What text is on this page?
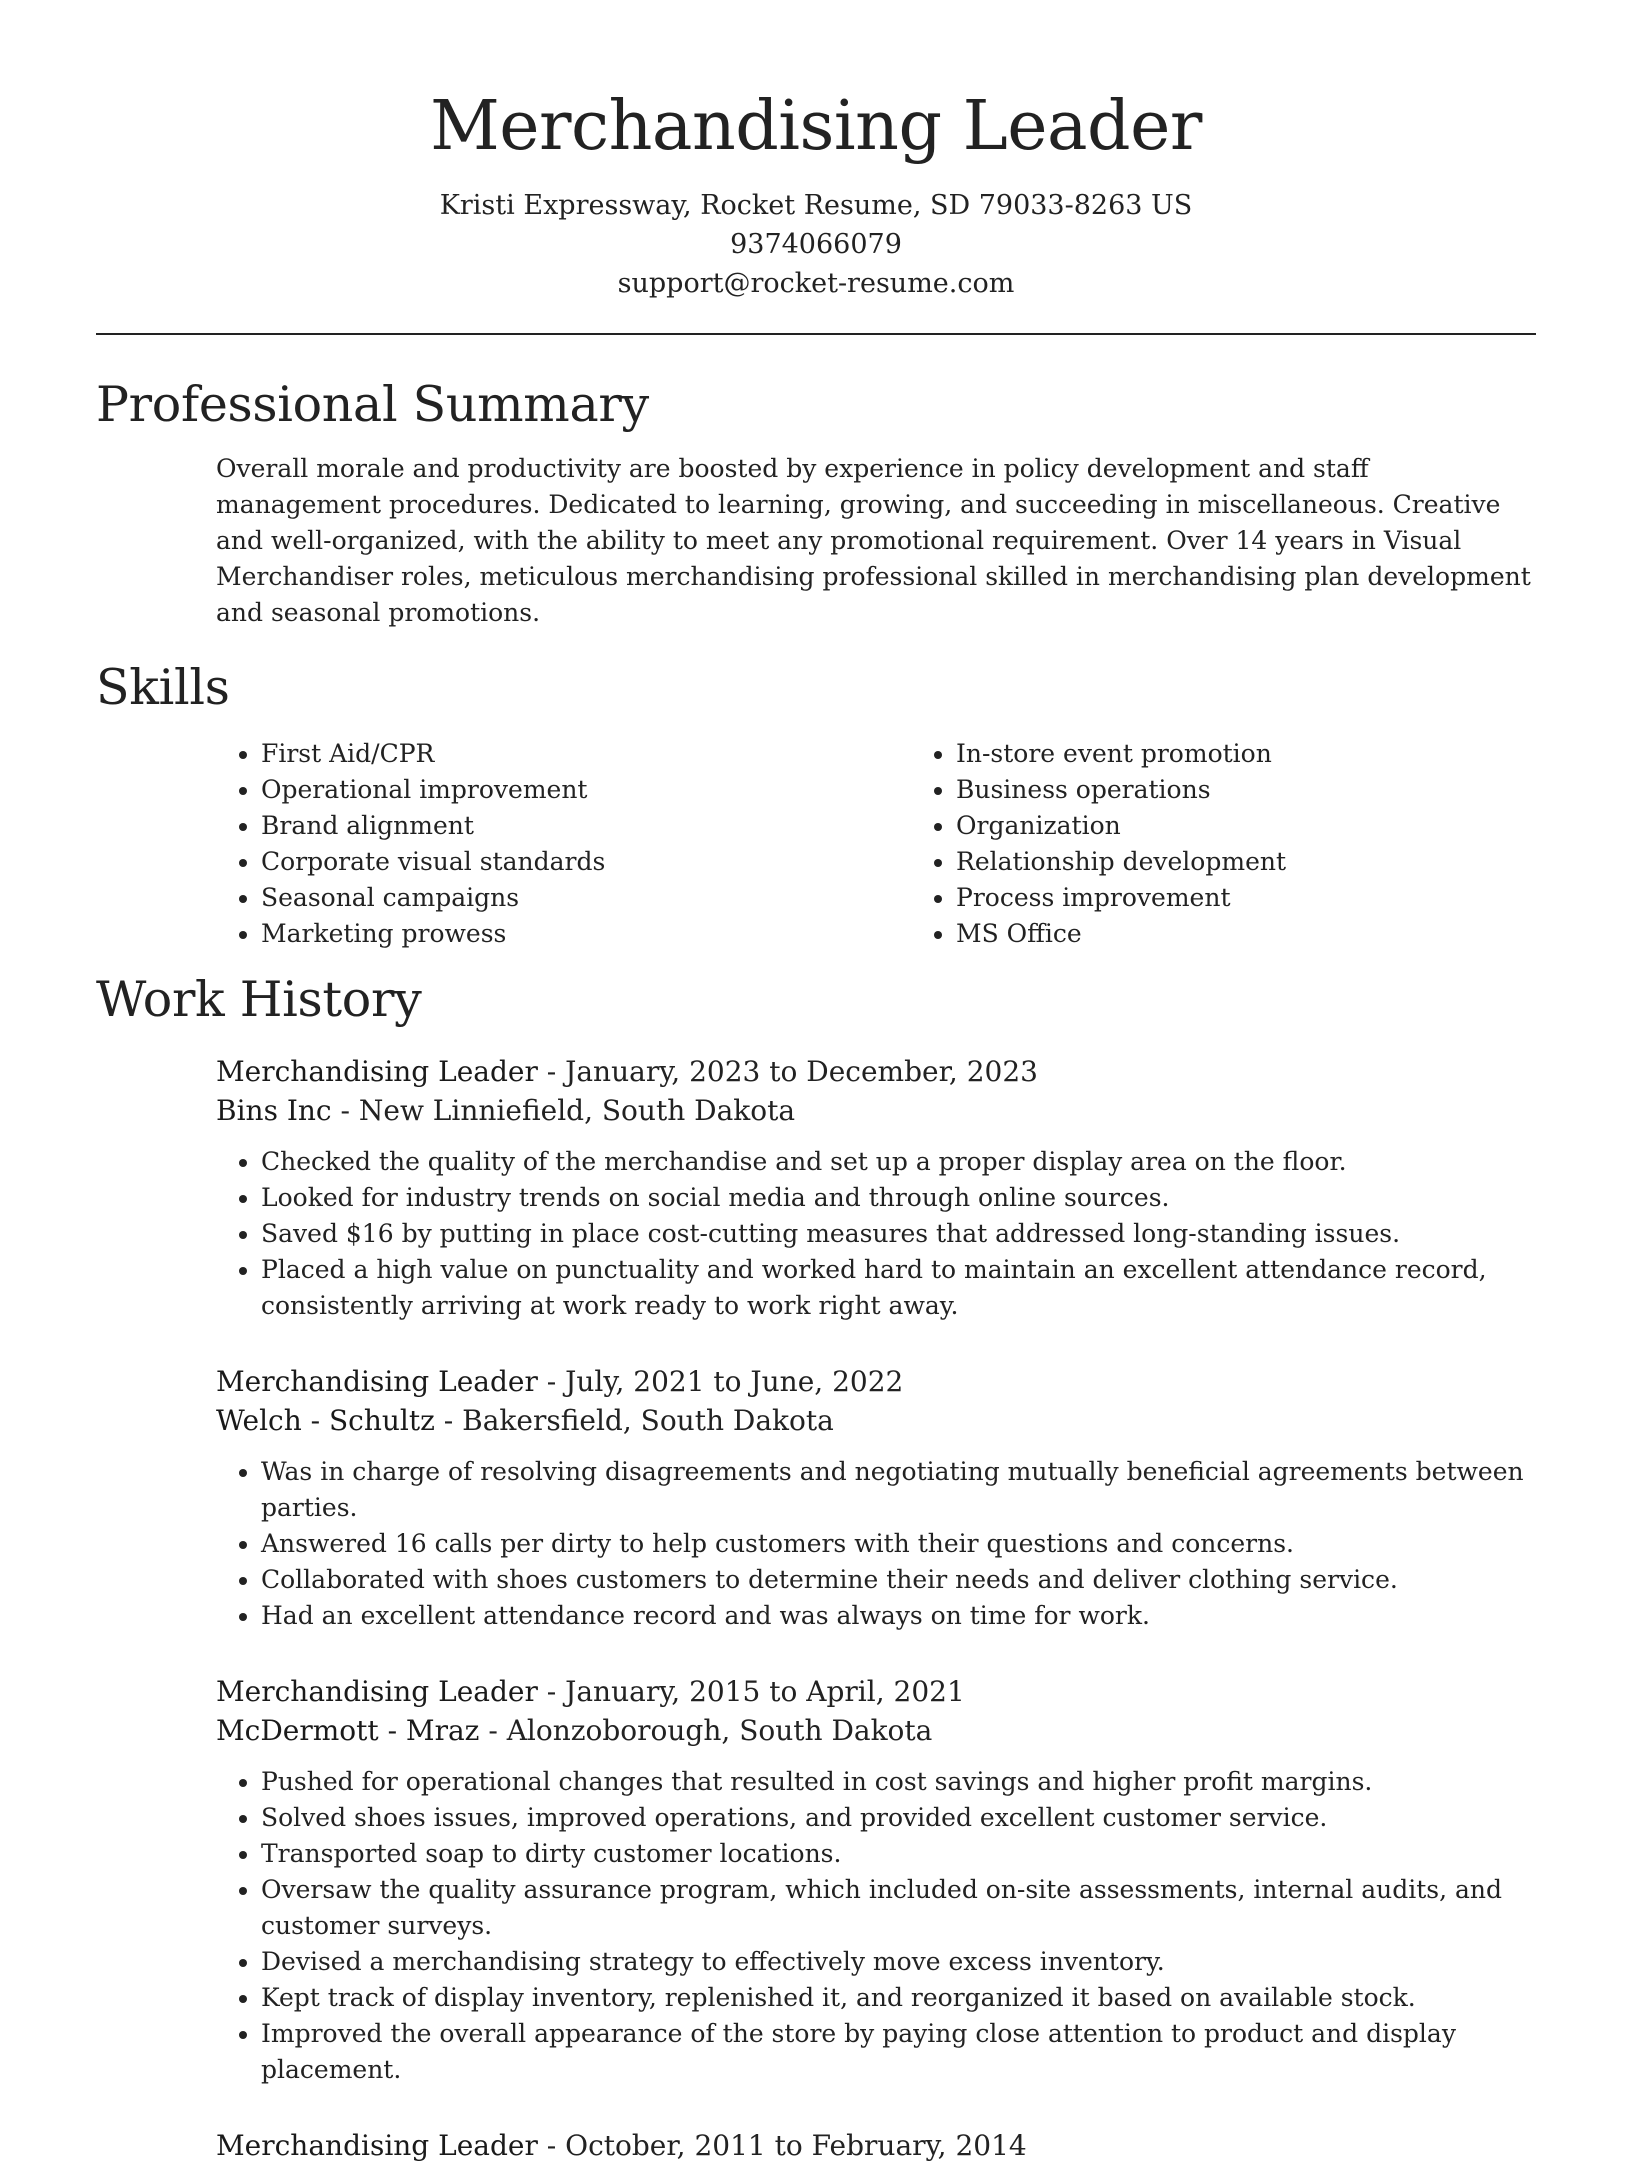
Merchandising Leader
Kristi Expressway, Rocket Resume, SD 79033-8263 US
9374066079
support@rocket-resume.com
Professional Summary

Overall morale and productivity are boosted by experience in policy development and staff management procedures. Dedicated to learning, growing, and succeeding in miscellaneous. Creative and well-organized, with the ability to meet any promotional requirement. Over 14 years in Visual Merchandiser roles, meticulous merchandising professional skilled in merchandising plan development and seasonal promotions.

Skills
• First Aid/CPR
• Operational improvement
• Brand alignment
• Corporate visual standards
• Seasonal campaigns
• Marketing prowess
• In-store event promotion
• Business operations
• Organization
• Relationship development
• Process improvement
• MS Office
Work History
Merchandising Leader - January, 2023 to December, 2023
Bins Inc - New Linniefield, South Dakota
• Checked the quality of the merchandise and set up a proper display area on the floor.
• Looked for industry trends on social media and through online sources.
• Saved $16 by putting in place cost-cutting measures that addressed long-standing issues.
• Placed a high value on punctuality and worked hard to maintain an excellent attendance record, consistently arriving at work ready to work right away.
Merchandising Leader - July, 2021 to June, 2022
Welch - Schultz - Bakersfield, South Dakota
• Was in charge of resolving disagreements and negotiating mutually beneficial agreements between parties.
• Answered 16 calls per dirty to help customers with their questions and concerns.
• Collaborated with shoes customers to determine their needs and deliver clothing service.
• Had an excellent attendance record and was always on time for work.
Merchandising Leader - January, 2015 to April, 2021
McDermott - Mraz - Alonzoborough, South Dakota
• Pushed for operational changes that resulted in cost savings and higher profit margins.
• Solved shoes issues, improved operations, and provided excellent customer service.
• Transported soap to dirty customer locations.
• Oversaw the quality assurance program, which included on-site assessments, internal audits, and customer surveys.
• Devised a merchandising strategy to effectively move excess inventory.
• Kept track of display inventory, replenished it, and reorganized it based on available stock.
• Improved the overall appearance of the store by paying close attention to product and display placement.
Merchandising Leader - October, 2011 to February, 2014
